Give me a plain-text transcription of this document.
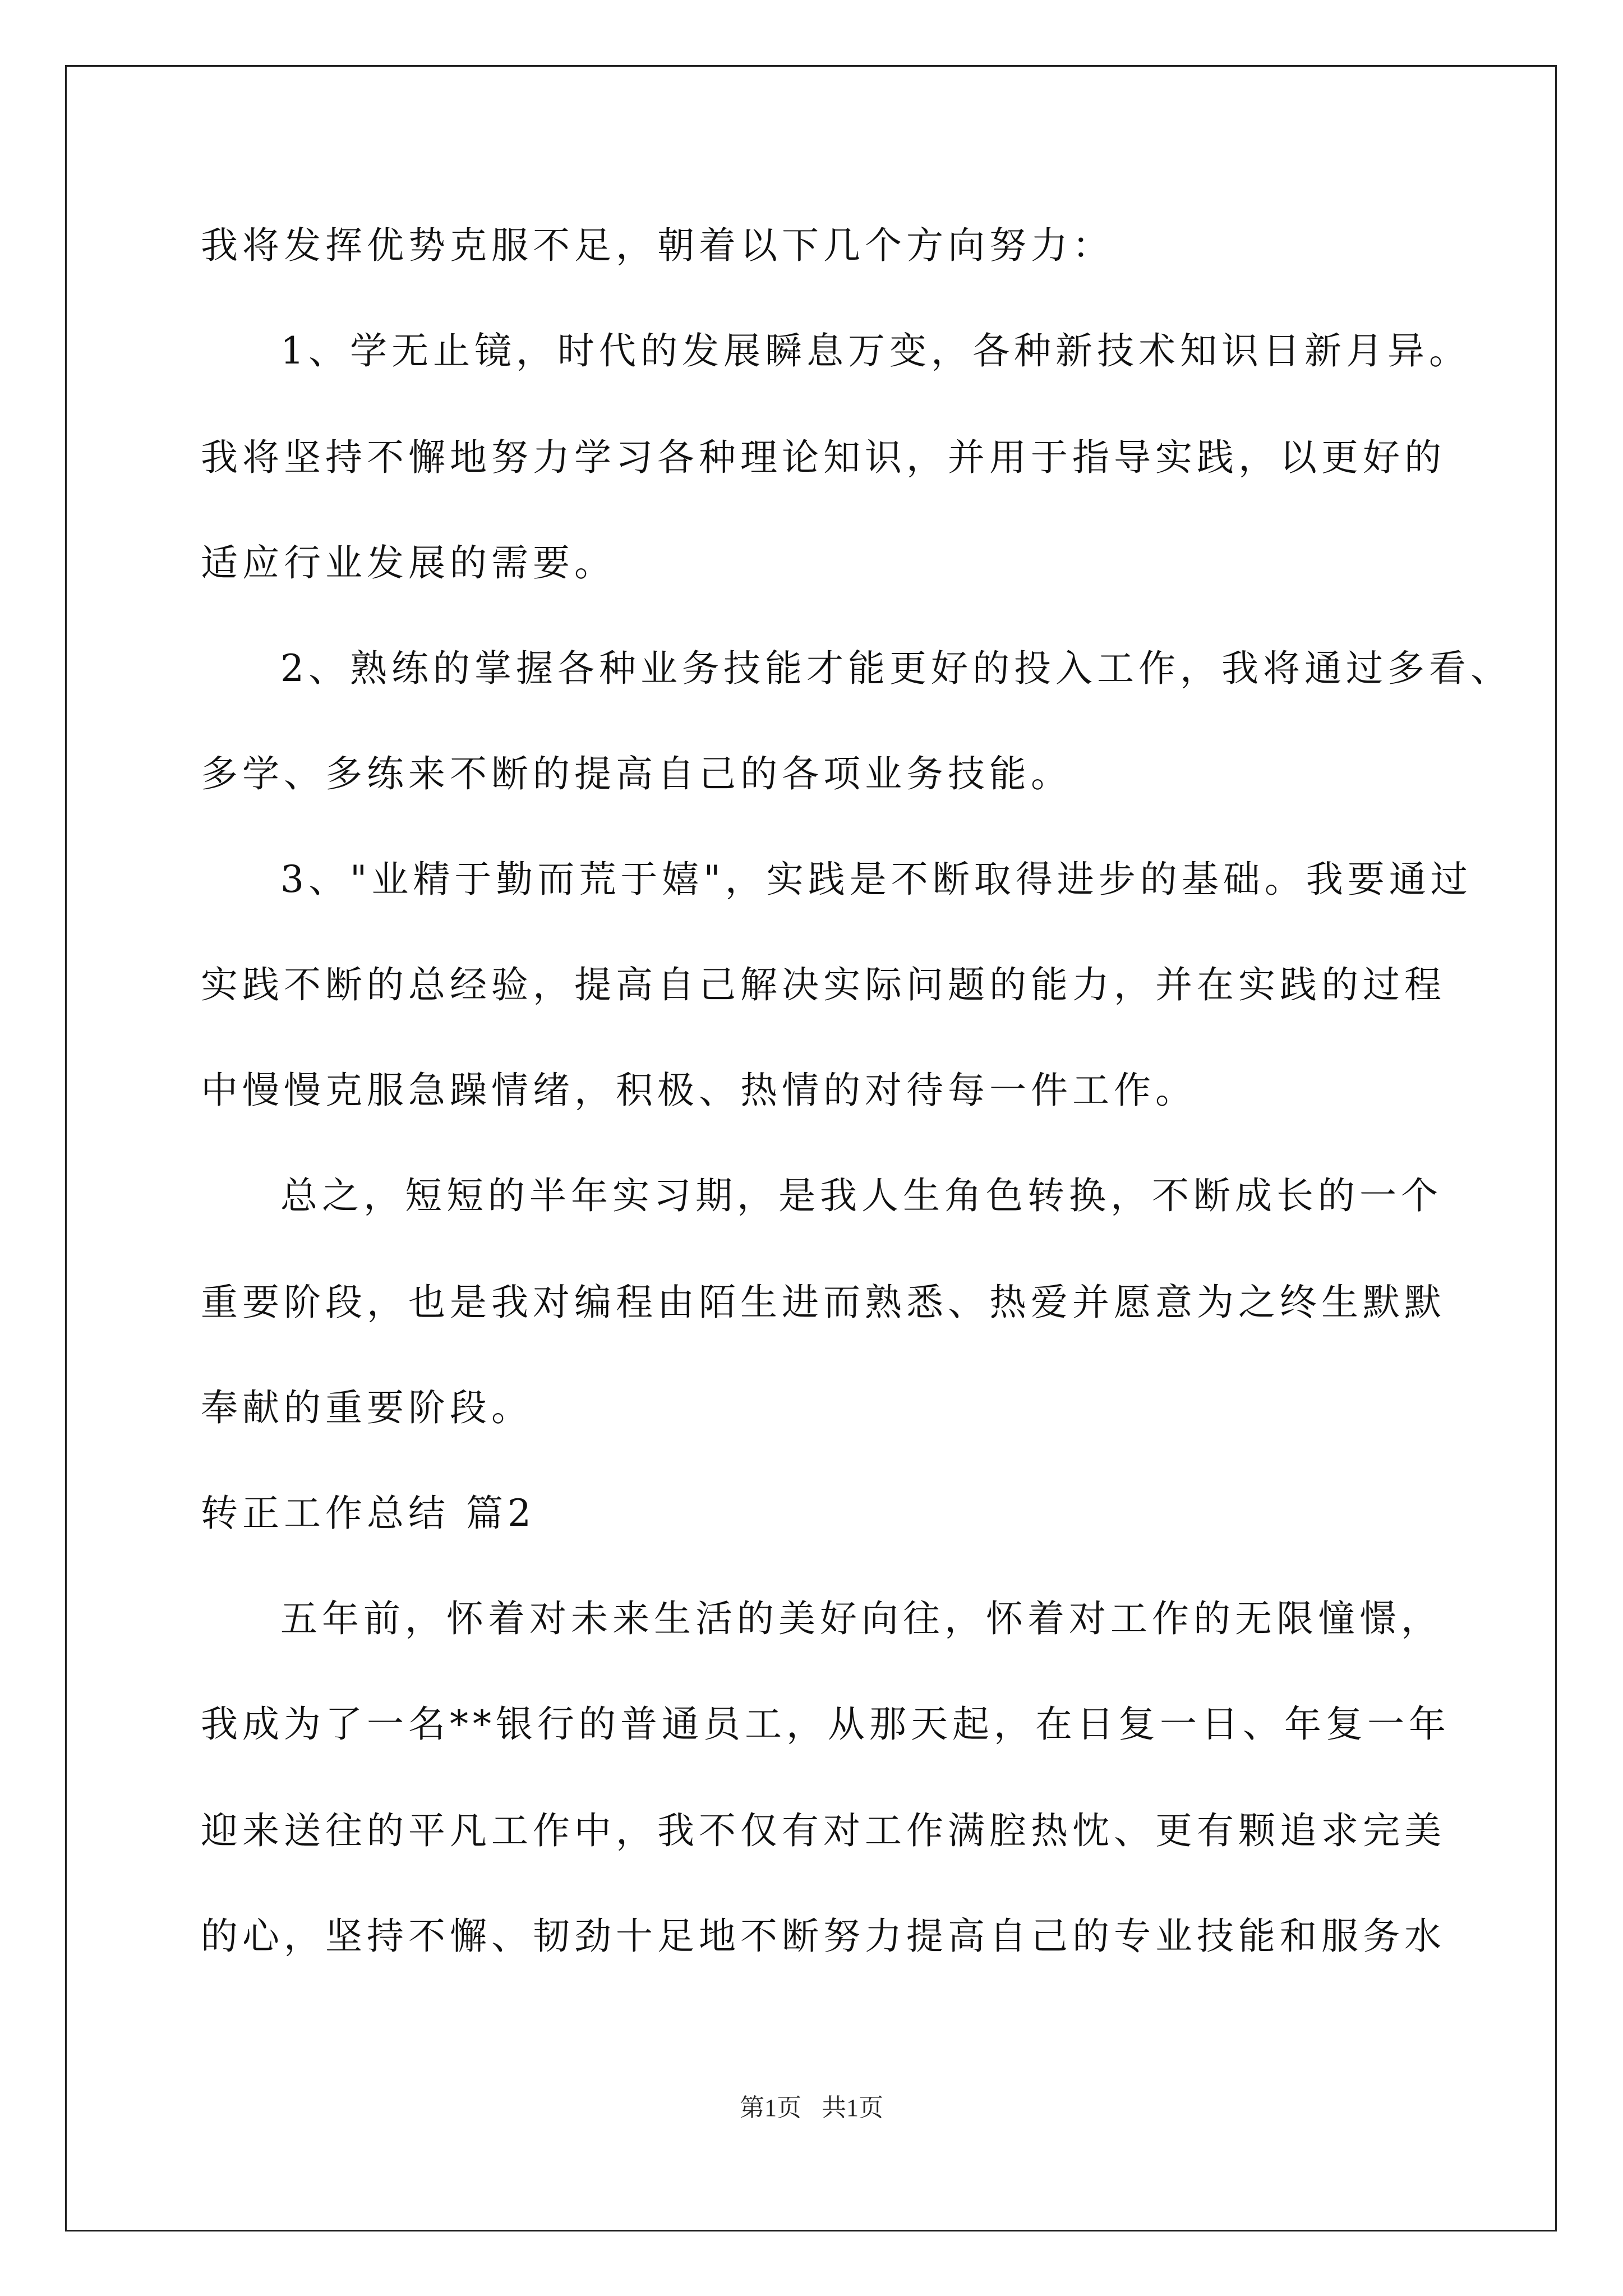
我将发挥优势克服不足，朝着以下几个方向努力：
1、学无止镜，时代的发展瞬息万变，各种新技术知识日新月异。
我将坚持不懈地努力学习各种理论知识，并用于指导实践，以更好的
适应行业发展的需要。
2、熟练的掌握各种业务技能才能更好的投入工作，我将通过多看、
多学、多练来不断的提高自己的各项业务技能。
3、"业精于勤而荒于嬉"，实践是不断取得进步的基础。我要通过
实践不断的总经验，提高自己解决实际问题的能力，并在实践的过程
中慢慢克服急躁情绪，积极、热情的对待每一件工作。
总之，短短的半年实习期，是我人生角色转换，不断成长的一个
重要阶段，也是我对编程由陌生进而熟悉、热爱并愿意为之终生默默
奉献的重要阶段。
转正工作总结 篇2
五年前，怀着对未来生活的美好向往，怀着对工作的无限憧憬，
我成为了一名**银行的普通员工，从那天起，在日复一日、年复一年
迎来送往的平凡工作中，我不仅有对工作满腔热忱、更有颗追求完美
的心，坚持不懈、韧劲十足地不断努力提高自己的专业技能和服务水
第1页 共1页
